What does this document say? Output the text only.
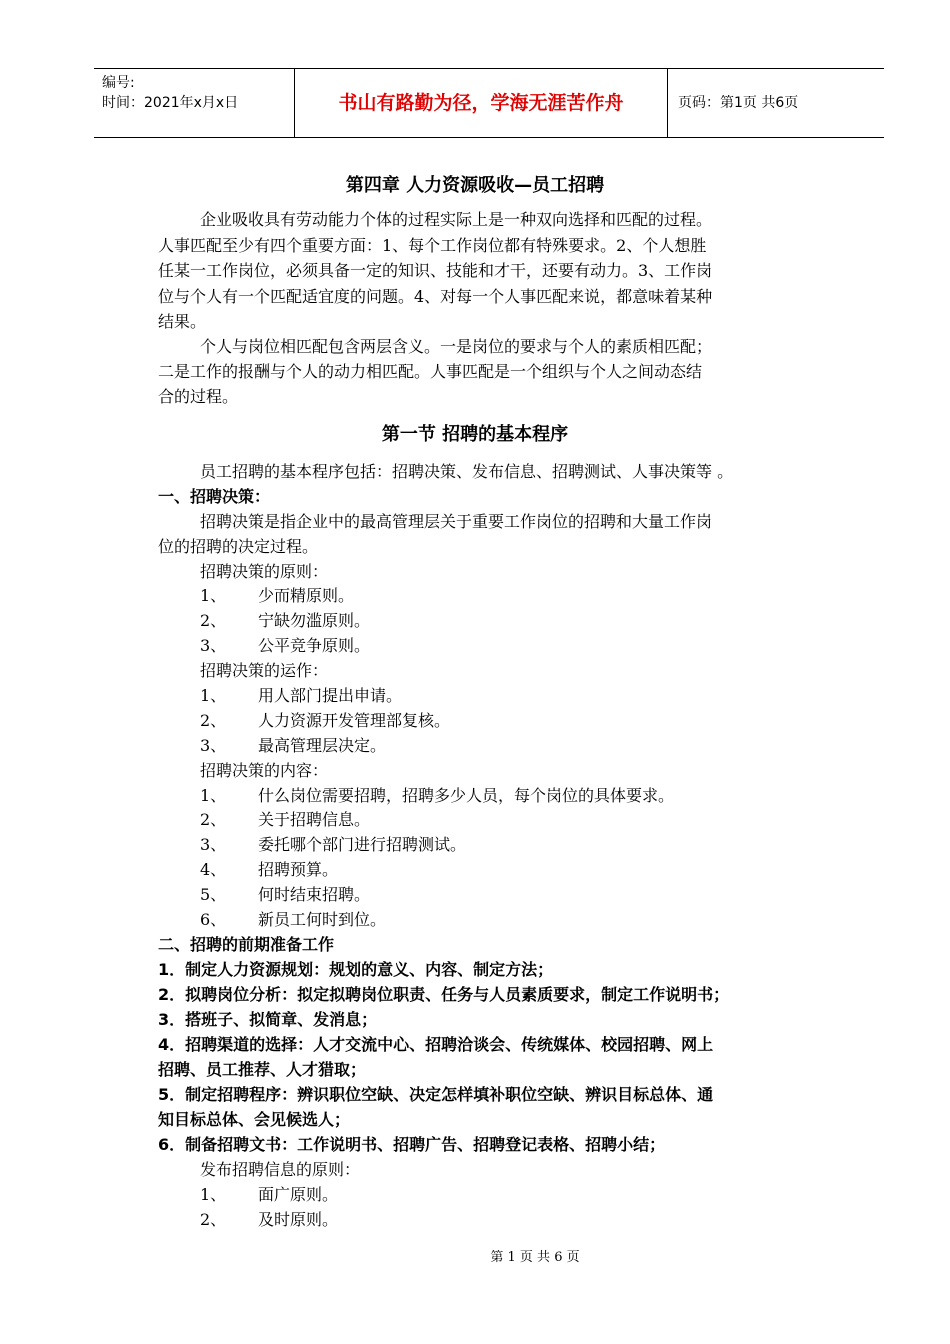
编号:
时间：2021年x月x日	书山有路勤为径，学海无涯苦作舟	页码：第1页 共6页
第四章 人力资源吸收—员工招聘
企业吸收具有劳动能力个体的过程实际上是一种双向选择和匹配的过程。
人事匹配至少有四个重要方面：1、每个工作岗位都有特殊要求。2、个人想胜
任某一工作岗位，必须具备一定的知识、技能和才干，还要有动力。3、工作岗
位与个人有一个匹配适宜度的问题。4、对每一个人事匹配来说，都意味着某种
结果。
个人与岗位相匹配包含两层含义。一是岗位的要求与个人的素质相匹配；
二是工作的报酬与个人的动力相匹配。人事匹配是一个组织与个人之间动态结
合的过程。
第一节 招聘的基本程序
员工招聘的基本程序包括：招聘决策、发布信息、招聘测试、人事决策等 。
一、招聘决策：
招聘决策是指企业中的最高管理层关于重要工作岗位的招聘和大量工作岗
位的招聘的决定过程。
招聘决策的原则：
1、 少而精原则。
2、 宁缺勿滥原则。
3、 公平竞争原则。
招聘决策的运作：
1、 用人部门提出申请。
2、 人力资源开发管理部复核。
3、 最高管理层决定。
招聘决策的内容：
1、 什么岗位需要招聘，招聘多少人员，每个岗位的具体要求。
2、 关于招聘信息。
3、 委托哪个部门进行招聘测试。
4、 招聘预算。
5、 何时结束招聘。
6、 新员工何时到位。
二、招聘的前期准备工作
1．制定人力资源规划：规划的意义、内容、制定方法；
2．拟聘岗位分析：拟定拟聘岗位职责、任务与人员素质要求，制定工作说明书；
3．搭班子、拟简章、发消息；
4．招聘渠道的选择：人才交流中心、招聘洽谈会、传统媒体、校园招聘、网上
招聘、员工推荐、人才猎取；
5．制定招聘程序：辨识职位空缺、决定怎样填补职位空缺、辨识目标总体、通
知目标总体、会见候选人；
6．制备招聘文书：工作说明书、招聘广告、招聘登记表格、招聘小结；
发布招聘信息的原则：
1、 面广原则。
2、 及时原则。
第 1 页 共 6 页
